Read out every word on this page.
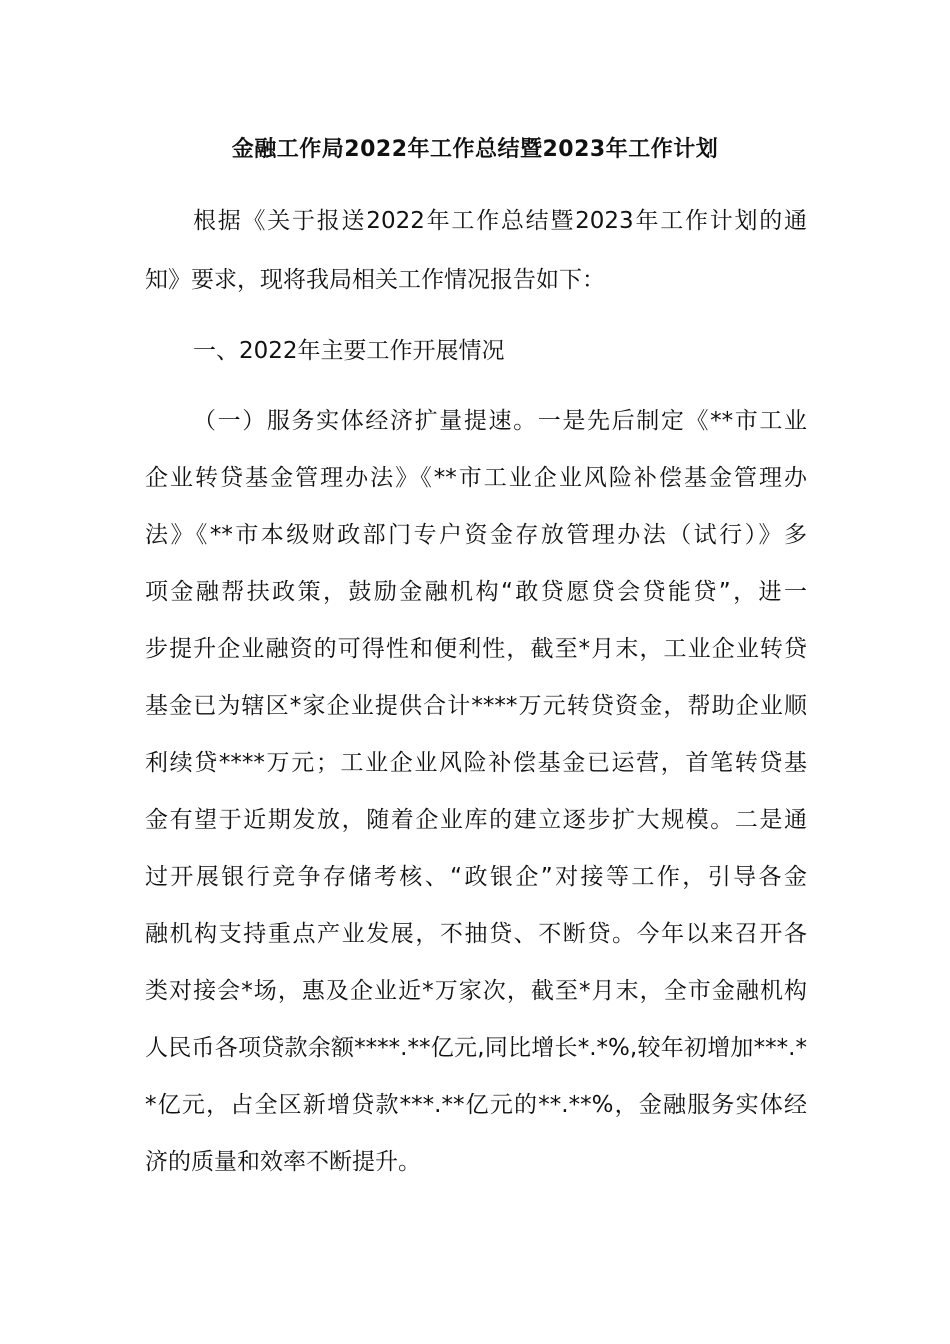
金融工作局2022年工作总结暨2023年工作计划
根据《关于报送2022年工作总结暨2023年工作计划的通
知》要求，现将我局相关工作情况报告如下：
一、2022年主要工作开展情况
（一）服务实体经济扩量提速。一是先后制定《**市工业
企业转贷基金管理办法》《**市工业企业风险补偿基金管理办
法》《**市本级财政部门专户资金存放管理办法（试行）》多
项金融帮扶政策，鼓励金融机构“敢贷愿贷会贷能贷”，进一
步提升企业融资的可得性和便利性，截至*月末，工业企业转贷
基金已为辖区*家企业提供合计****万元转贷资金，帮助企业顺
利续贷****万元；工业企业风险补偿基金已运营，首笔转贷基
金有望于近期发放，随着企业库的建立逐步扩大规模。二是通
过开展银行竞争存储考核、“政银企”对接等工作，引导各金
融机构支持重点产业发展，不抽贷、不断贷。今年以来召开各
类对接会*场，惠及企业近*万家次，截至*月末，全市金融机构
人民币各项贷款余额****.**亿元,同比增长*.*%,较年初增加***.*
*亿元，占全区新增贷款***.**亿元的**.**%，金融服务实体经
济的质量和效率不断提升。
